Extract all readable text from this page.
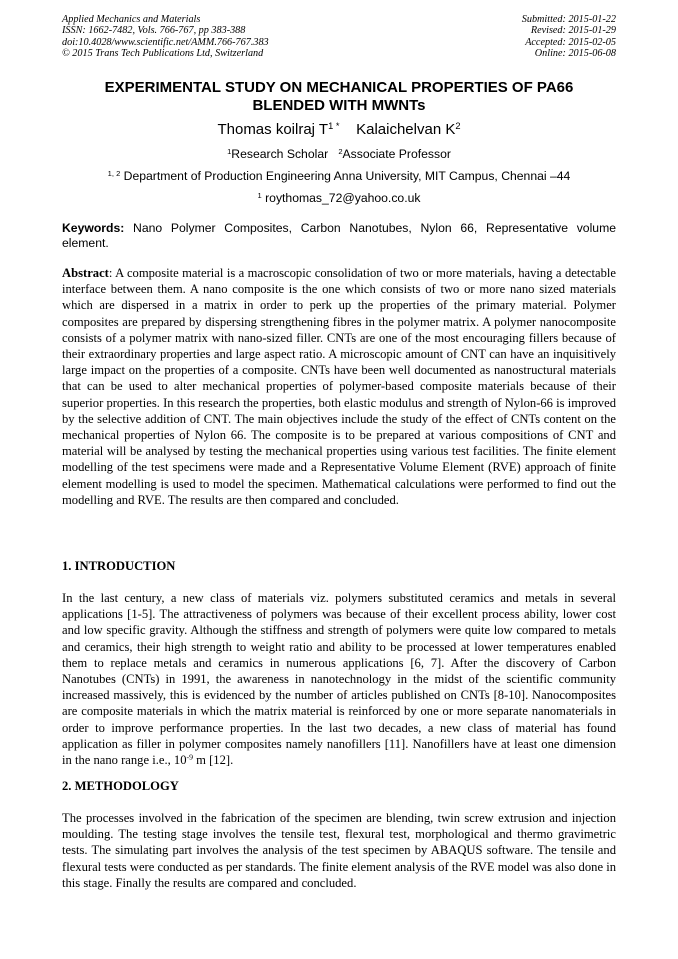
Applied Mechanics and Materials
ISSN: 1662-7482, Vols. 766-767, pp 383-388
doi:10.4028/www.scientific.net/AMM.766-767.383
© 2015 Trans Tech Publications Ltd, Switzerland
Submitted: 2015-01-22
Revised: 2015-01-29
Accepted: 2015-02-05
Online: 2015-06-08
EXPERIMENTAL STUDY ON MECHANICAL PROPERTIES OF PA66
BLENDED WITH MWNTs
Thomas koilraj $T^{1 *}$ Kalaichelvan $K^2$
$^1$Research Scholar $^2$Associate Professor
$^{1, 2}$ Department of Production Engineering Anna University, MIT Campus, Chennai –44
$^1$ roythomas_72@yahoo.co.uk
Keywords: Nano Polymer Composites, Carbon Nanotubes, Nylon 66, Representative volume element.
Abstract: A composite material is a macroscopic consolidation of two or more materials, having a detectable interface between them. A nano composite is the one which consists of two or more nano sized materials which are dispersed in a matrix in order to perk up the properties of the primary material. Polymer composites are prepared by dispersing strengthening fibres in the polymer matrix. A polymer nanocomposite consists of a polymer matrix with nano-sized filler. CNTs are one of the most encouraging fillers because of their extraordinary properties and large aspect ratio. A microscopic amount of CNT can have an inquisitively large impact on the properties of a composite. CNTs have been well documented as nanostructural materials that can be used to alter mechanical properties of polymer-based composite materials because of their superior properties. In this research the properties, both elastic modulus and strength of Nylon-66 is improved by the selective addition of CNT. The main objectives include the study of the effect of CNTs content on the mechanical properties of Nylon 66. The composite is to be prepared at various compositions of CNT and material will be analysed by testing the mechanical properties using various test facilities. The finite element modelling of the test specimens were made and a Representative Volume Element (RVE) approach of finite element modelling is used to model the specimen. Mathematical calculations were performed to find out the modelling and RVE. The results are then compared and concluded.
1. INTRODUCTION
In the last century, a new class of materials viz. polymers substituted ceramics and metals in several applications [1-5]. The attractiveness of polymers was because of their excellent process ability, lower cost and low specific gravity. Although the stiffness and strength of polymers were quite low compared to metals and ceramics, their high strength to weight ratio and ability to be processed at lower temperatures enabled them to replace metals and ceramics in numerous applications [6, 7]. After the discovery of Carbon Nanotubes (CNTs) in 1991, the awareness in nanotechnology in the midst of the scientific community increased massively, this is evidenced by the number of articles published on CNTs [8-10]. Nanocomposites are composite materials in which the matrix material is reinforced by one or more separate nanomaterials in order to improve performance properties. In the last two decades, a new class of material has found application as filler in polymer composites namely nanofillers [11]. Nanofillers have at least one dimension in the nano range i.e., $10^{-9}$ m [12].
2. METHODOLOGY
The processes involved in the fabrication of the specimen are blending, twin screw extrusion and injection moulding. The testing stage involves the tensile test, flexural test, morphological and thermo gravimetric tests. The simulating part involves the analysis of the test specimen by ABAQUS software. The tensile and flexural tests were conducted as per standards. The finite element analysis of the RVE model was also done in this stage. Finally the results are compared and concluded.
